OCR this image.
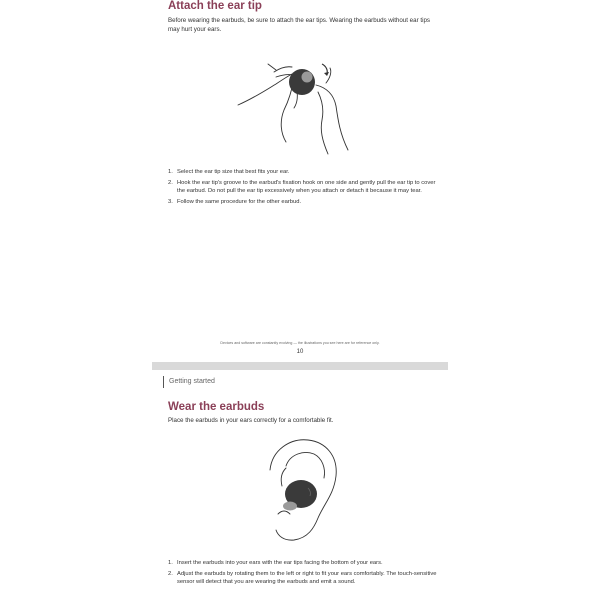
Attach the ear tip

Before wearing the earbuds, be sure to attach the ear tips. Wearing the earbuds without ear tips may hurt your ears.

1. Select the ear tip size that best fits your ear.
2. Hook the ear tip's groove to the earbud's fixation hook on one side and gently pull the ear tip to cover the earbud. Do not pull the ear tip excessively when you attach or detach it because it may tear.
3. Follow the same procedure for the other earbud.
Devices and software are constantly evolving — the illustrations you see here are for reference only.
10
Getting started
Wear the earbuds

Place the earbuds in your ears correctly for a comfortable fit.

1. Insert the earbuds into your ears with the ear tips facing the bottom of your ears.
2. Adjust the earbuds by rotating them to the left or right to fit your ears comfortably. The touch-sensitive sensor will detect that you are wearing the earbuds and emit a sound.
